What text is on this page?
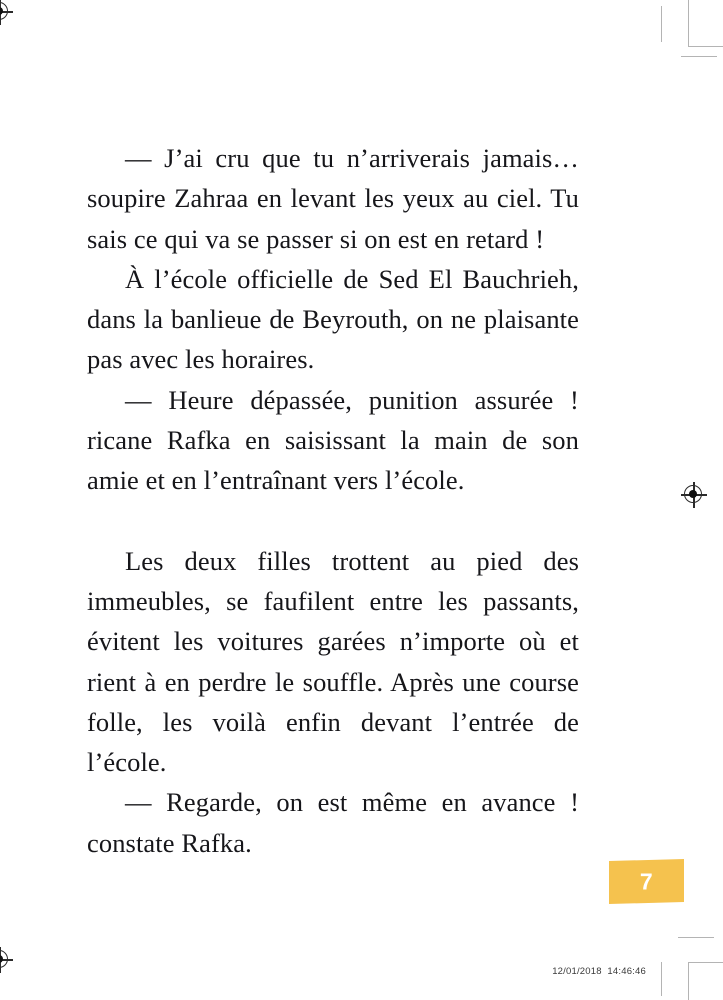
— J’ai cru que tu n’arriverais jamais… soupire Zahraa en levant les yeux au ciel. Tu sais ce qui va se passer si on est en retard !

À l’école officielle de Sed El Bauchrieh, dans la banlieue de Beyrouth, on ne plaisante pas avec les horaires.

— Heure dépassée, punition assurée ! ricane Rafka en saisissant la main de son amie et en l’entraînant vers l’école.

Les deux filles trottent au pied des immeubles, se faufilent entre les passants, évitent les voitures garées n’importe où et rient à en perdre le souffle. Après une course folle, les voilà enfin devant l’entrée de l’école.

— Regarde, on est même en avance ! constate Rafka.

7
12/01/2018  14:46:46
